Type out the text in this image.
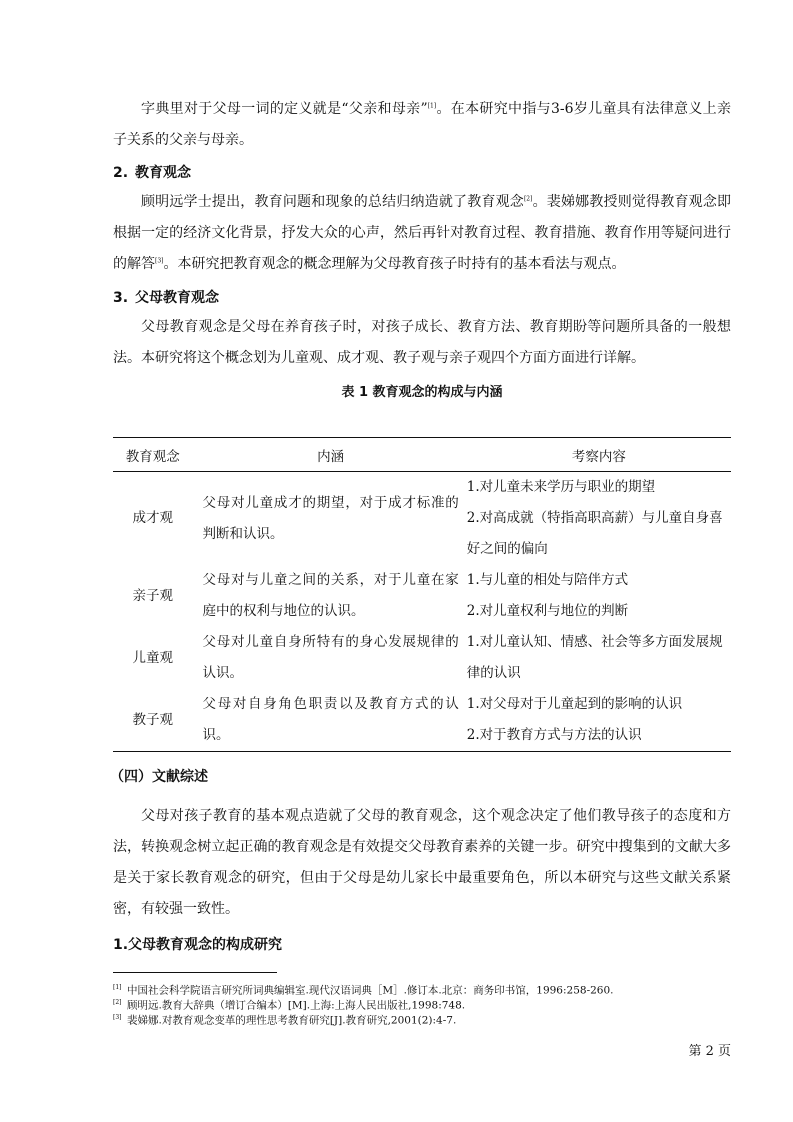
字典里对于父母一词的定义就是“父亲和母亲”[1]。在本研究中指与3-6岁儿童具有法律意义上亲子关系的父亲与母亲。
2. 教育观念
顾明远学士提出，教育问题和现象的总结归纳造就了教育观念[2]。裴娣娜教授则觉得教育观念即根据一定的经济文化背景，抒发大众的心声，然后再针对教育过程、教育措施、教育作用等疑问进行的解答[3]。本研究把教育观念的概念理解为父母教育孩子时持有的基本看法与观点。
3. 父母教育观念
父母教育观念是父母在养育孩子时，对孩子成长、教育方法、教育期盼等问题所具备的一般想法。本研究将这个概念划为儿童观、成才观、教子观与亲子观四个方面方面进行详解。
表 1 教育观念的构成与内涵
教育观念	内涵	考察内容
成才观	父母对儿童成才的期望，对于成才标准的判断和认识。	1.对儿童未来学历与职业的期望
2.对高成就（特指高职高薪）与儿童自身喜好之间的偏向

亲子观	父母对与儿童之间的关系，对于儿童在家庭中的权利与地位的认识。	1.与儿童的相处与陪伴方式
2.对儿童权利与地位的判断

儿童观	父母对儿童自身所特有的身心发展规律的认识。	1.对儿童认知、情感、社会等多方面发展规律的认识

教子观	父母对自身角色职责以及教育方式的认识。	1.对父母对于儿童起到的影响的认识
2.对于教育方式与方法的认识
（四）文献综述
父母对孩子教育的基本观点造就了父母的教育观念，这个观念决定了他们教导孩子的态度和方法，转换观念树立起正确的教育观念是有效提交父母教育素养的关键一步。研究中搜集到的文献大多是关于家长教育观念的研究，但由于父母是幼儿家长中最重要角色，所以本研究与这些文献关系紧密，有较强一致性。
1.父母教育观念的构成研究
[1] 中国社会科学院语言研究所词典编辑室.现代汉语词典［M］.修订本.北京：商务印书馆，1996:258-260.
[2] 顾明远.教育大辞典（增订合编本）[M].上海:上海人民出版社,1998:748.
[3] 裴娣娜.对教育观念变革的理性思考教育研究[J].教育研究,2001(2):4-7.
第 2 页
